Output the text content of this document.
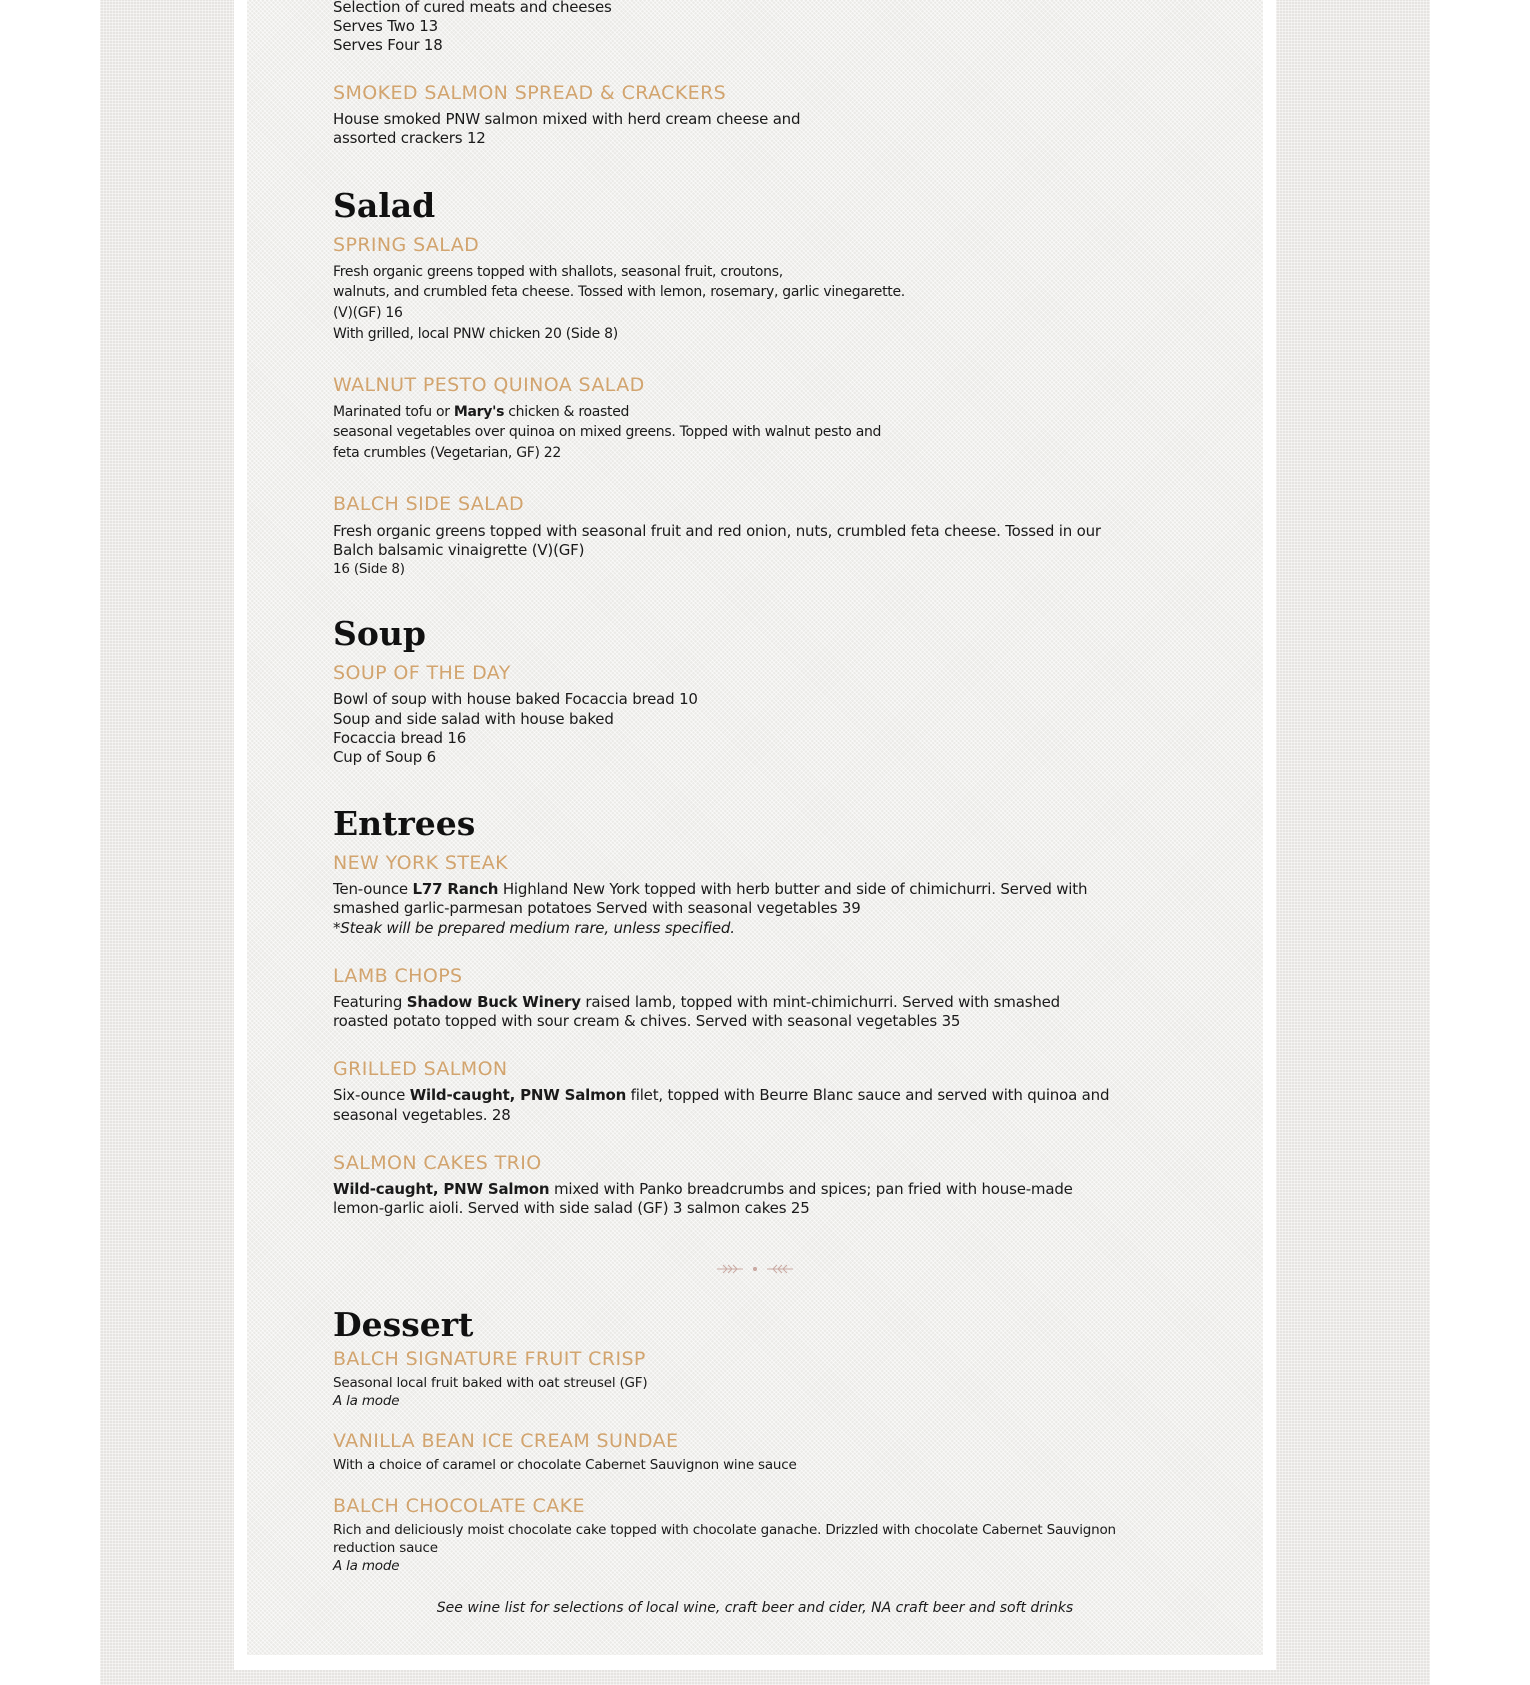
Selection of cured meats and cheeses

Serves Two 13

Serves Four 18

SMOKED SALMON SPREAD & CRACKERS

House smoked PNW salmon mixed with herd cream cheese and

assorted crackers 12

Salad

SPRING SALAD

Fresh organic greens topped with shallots, seasonal fruit, croutons,

walnuts, and crumbled feta cheese. Tossed with lemon, rosemary, garlic vinegarette.

(V)(GF) 16

With grilled, local PNW chicken 20 (Side 8)

WALNUT PESTO QUINOA SALAD

Marinated tofu or Mary's chicken & roasted

seasonal vegetables over quinoa on mixed greens. Topped with walnut pesto and

feta crumbles (Vegetarian, GF) 22

BALCH SIDE SALAD

Fresh organic greens topped with seasonal fruit and red onion, nuts, crumbled feta cheese. Tossed in our

Balch balsamic vinaigrette (V)(GF)

16 (Side 8)

Soup

SOUP OF THE DAY

Bowl of soup with house baked Focaccia bread 10

Soup and side salad with house baked

Focaccia bread 16

Cup of Soup 6

Entrees

NEW YORK STEAK

Ten-ounce L77 Ranch Highland New York topped with herb butter and side of chimichurri. Served with

smashed garlic-parmesan potatoes Served with seasonal vegetables 39

*Steak will be prepared medium rare, unless specified.

LAMB CHOPS

Featuring Shadow Buck Winery raised lamb, topped with mint-chimichurri. Served with smashed

roasted potato topped with sour cream & chives. Served with seasonal vegetables 35

GRILLED SALMON

Six-ounce Wild-caught, PNW Salmon filet, topped with Beurre Blanc sauce and served with quinoa and

seasonal vegetables. 28

SALMON CAKES TRIO

Wild-caught, PNW Salmon mixed with Panko breadcrumbs and spices; pan fried with house-made

lemon-garlic aioli. Served with side salad (GF) 3 salmon cakes 25

Dessert

BALCH SIGNATURE FRUIT CRISP

Seasonal local fruit baked with oat streusel (GF)

A la mode

VANILLA BEAN ICE CREAM SUNDAE

With a choice of caramel or chocolate Cabernet Sauvignon wine sauce

BALCH CHOCOLATE CAKE

Rich and deliciously moist chocolate cake topped with chocolate ganache. Drizzled with chocolate Cabernet Sauvignon

reduction sauce

A la mode

See wine list for selections of local wine, craft beer and cider, NA craft beer and soft drinks
